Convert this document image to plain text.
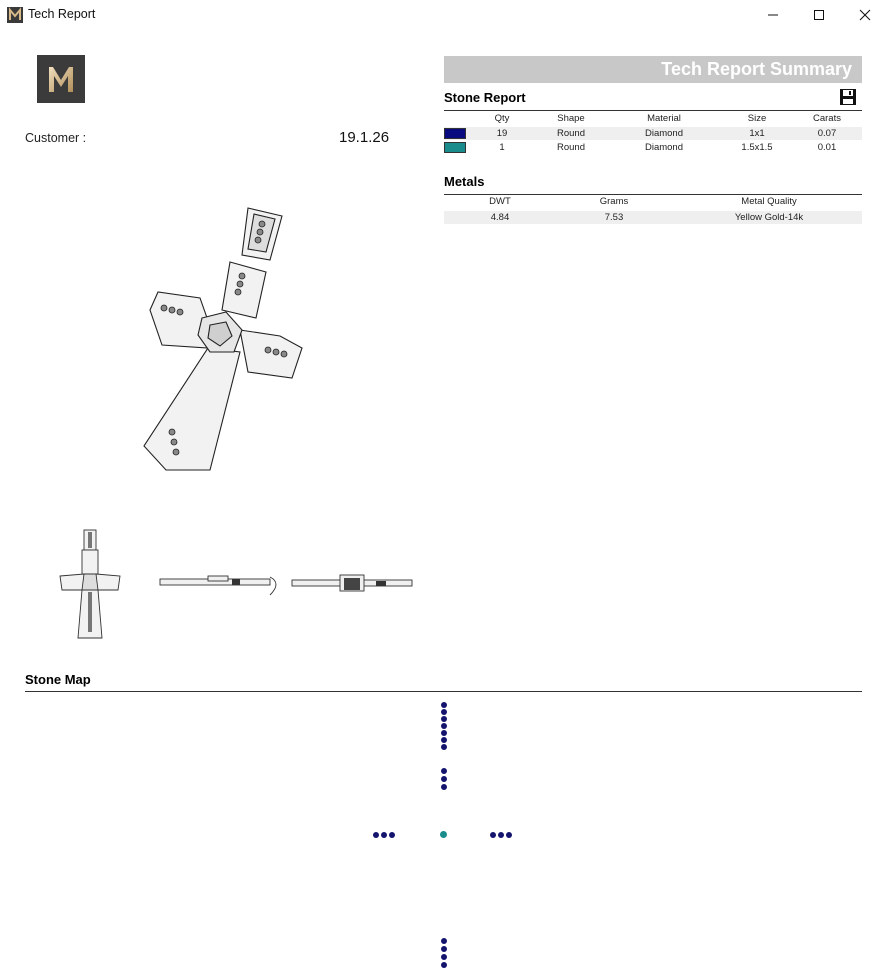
Tech Report
Customer :	19.1.26
Tech Report Summary
Stone Report
Qty	Shape	Material	Size	Carats
19	Round	Diamond	1x1	0.07
1	Round	Diamond	1.5x1.5	0.01
Metals
DWT	Grams	Metal Quality
4.84	7.53	Yellow Gold-14k
Stone Map
